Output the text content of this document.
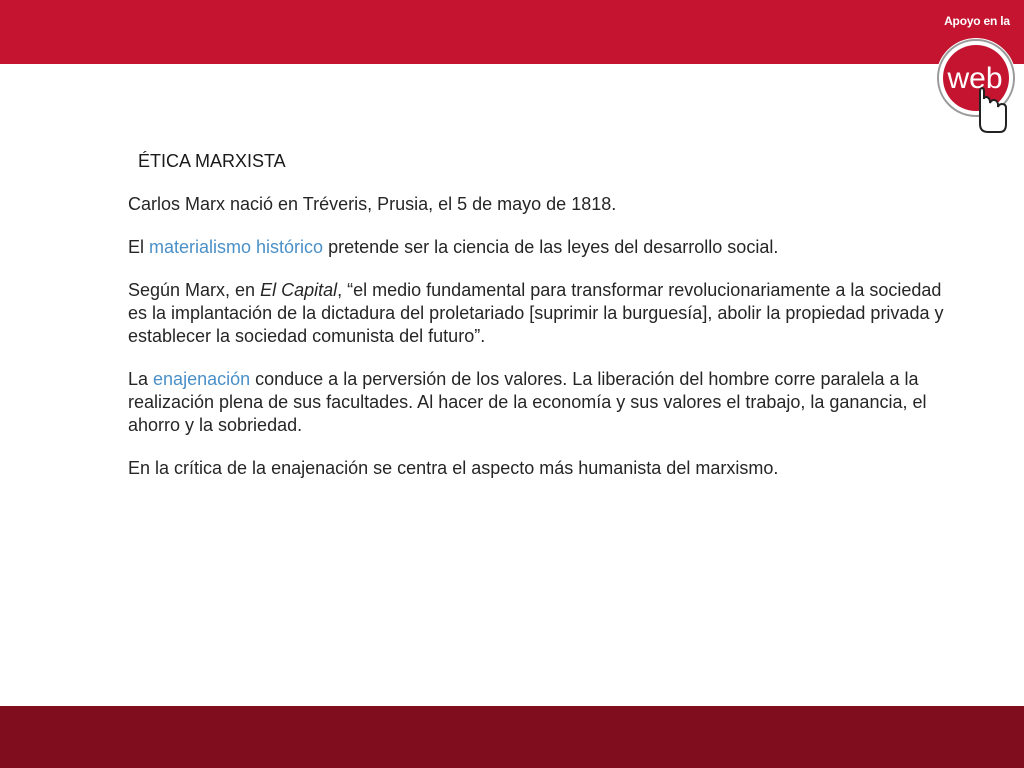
Apoyo en la
web
ÉTICA MARXISTA

Carlos Marx nació en Tréveris, Prusia, el 5 de mayo de 1818.

El materialismo histórico pretende ser la ciencia de las leyes del desarrollo social.

Según Marx, en El Capital, “el medio fundamental para transformar revolucionariamente a la sociedad es la implantación de la dictadura del proletariado [suprimir la burguesía], abolir la propiedad privada y establecer la sociedad comunista del futuro”.

La enajenación conduce a la perversión de los valores. La liberación del hombre corre paralela a la realización plena de sus facultades. Al hacer de la economía y sus valores el trabajo, la ganancia, el ahorro y la sobriedad.

En la crítica de la enajenación se centra el aspecto más humanista del marxismo.
